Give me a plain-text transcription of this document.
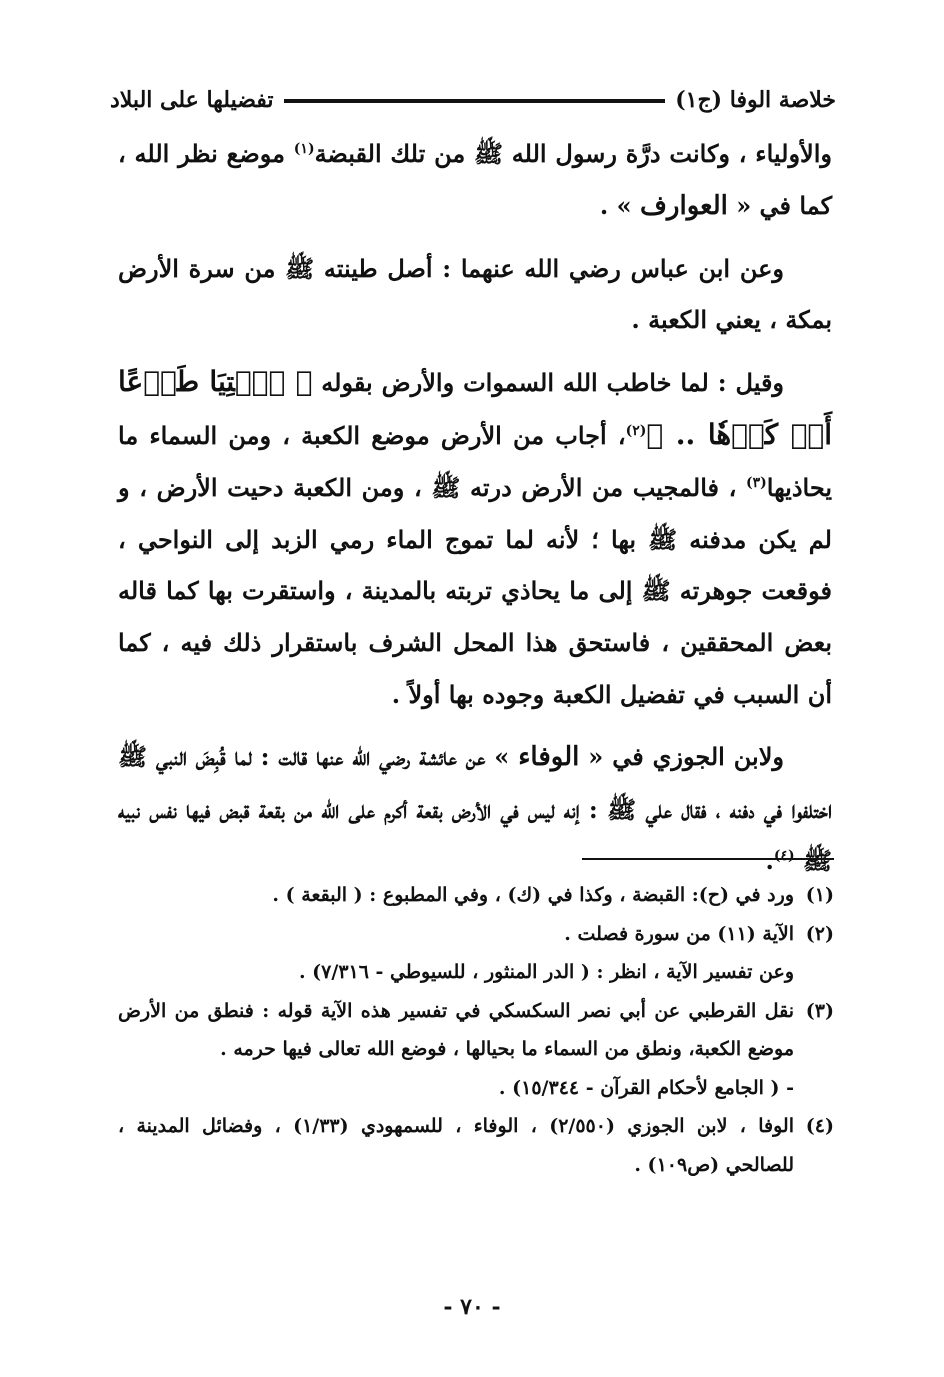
خلاصة الوفا (ج١)
تفضيلها على البلاد

والأولياء ، وكانت درَّة رسول الله ﷺ من تلك القبضة$^{(١)}$ موضع نظر الله ، كما في « العوارف » .

وعن ابن عباس رضي الله عنهما : أصل طينته ﷺ من سرة الأرض بمكة ، يعني الكعبة .

وقيل : لما خاطب الله السموات والأرض بقوله ﴿ ٱئۡتِيَا طَوۡعًا أَوۡ كَرۡهٗا .. ﴾$^{(٢)}$، أجاب من الأرض موضع الكعبة ، ومن السماء ما يحاذيها$^{(٣)}$ ، فالمجيب من الأرض درته ﷺ ، ومن الكعبة دحيت الأرض ، و لم يكن مدفنه ﷺ بها ؛ لأنه لما تموج الماء رمي الزبد إلى النواحي ، فوقعت جوهرته ﷺ إلى ما يحاذي تربته بالمدينة ، واستقرت بها كما قاله بعض المحققين ، فاستحق هذا المحل الشرف باستقرار ذلك فيه ، كما أن السبب في تفضيل الكعبة وجوده بها أولاً .

ولابن الجوزي في « الوفاء » عن عائشة رضي الله عنها قالت : لما قُبِضَ النبي ﷺ اختلفوا في دفنه ، فقال علي ﷺ : إنه ليس في الأرض بقعة أكرم على الله من بقعة قبض فيها نفس نبيه ﷺ $^{(٤)}$.

(١)
ورد في (ح): القبضة ، وكذا في (ك) ، وفي المطبوع : ( البقعة ) .
(٢)
الآية (١١) من سورة فصلت .
وعن تفسير الآية ، انظر : ( الدر المنثور ، للسيوطي - ٧/٣١٦) .
(٣)
نقل القرطبي عن أبي نصر السكسكي في تفسير هذه الآية قوله : فنطق من الأرض موضع الكعبة، ونطق من السماء ما بحيالها ، فوضع الله تعالى فيها حرمه .
- ( الجامع لأحكام القرآن - ١٥/٣٤٤) .
(٤)
الوفا ، لابن الجوزي (٢/٥٥٠) ، الوفاء ، للسمهودي (١/٣٣) ، وفضائل المدينة ، للصالحي (ص١٠٩) .
- ٧٠ -
